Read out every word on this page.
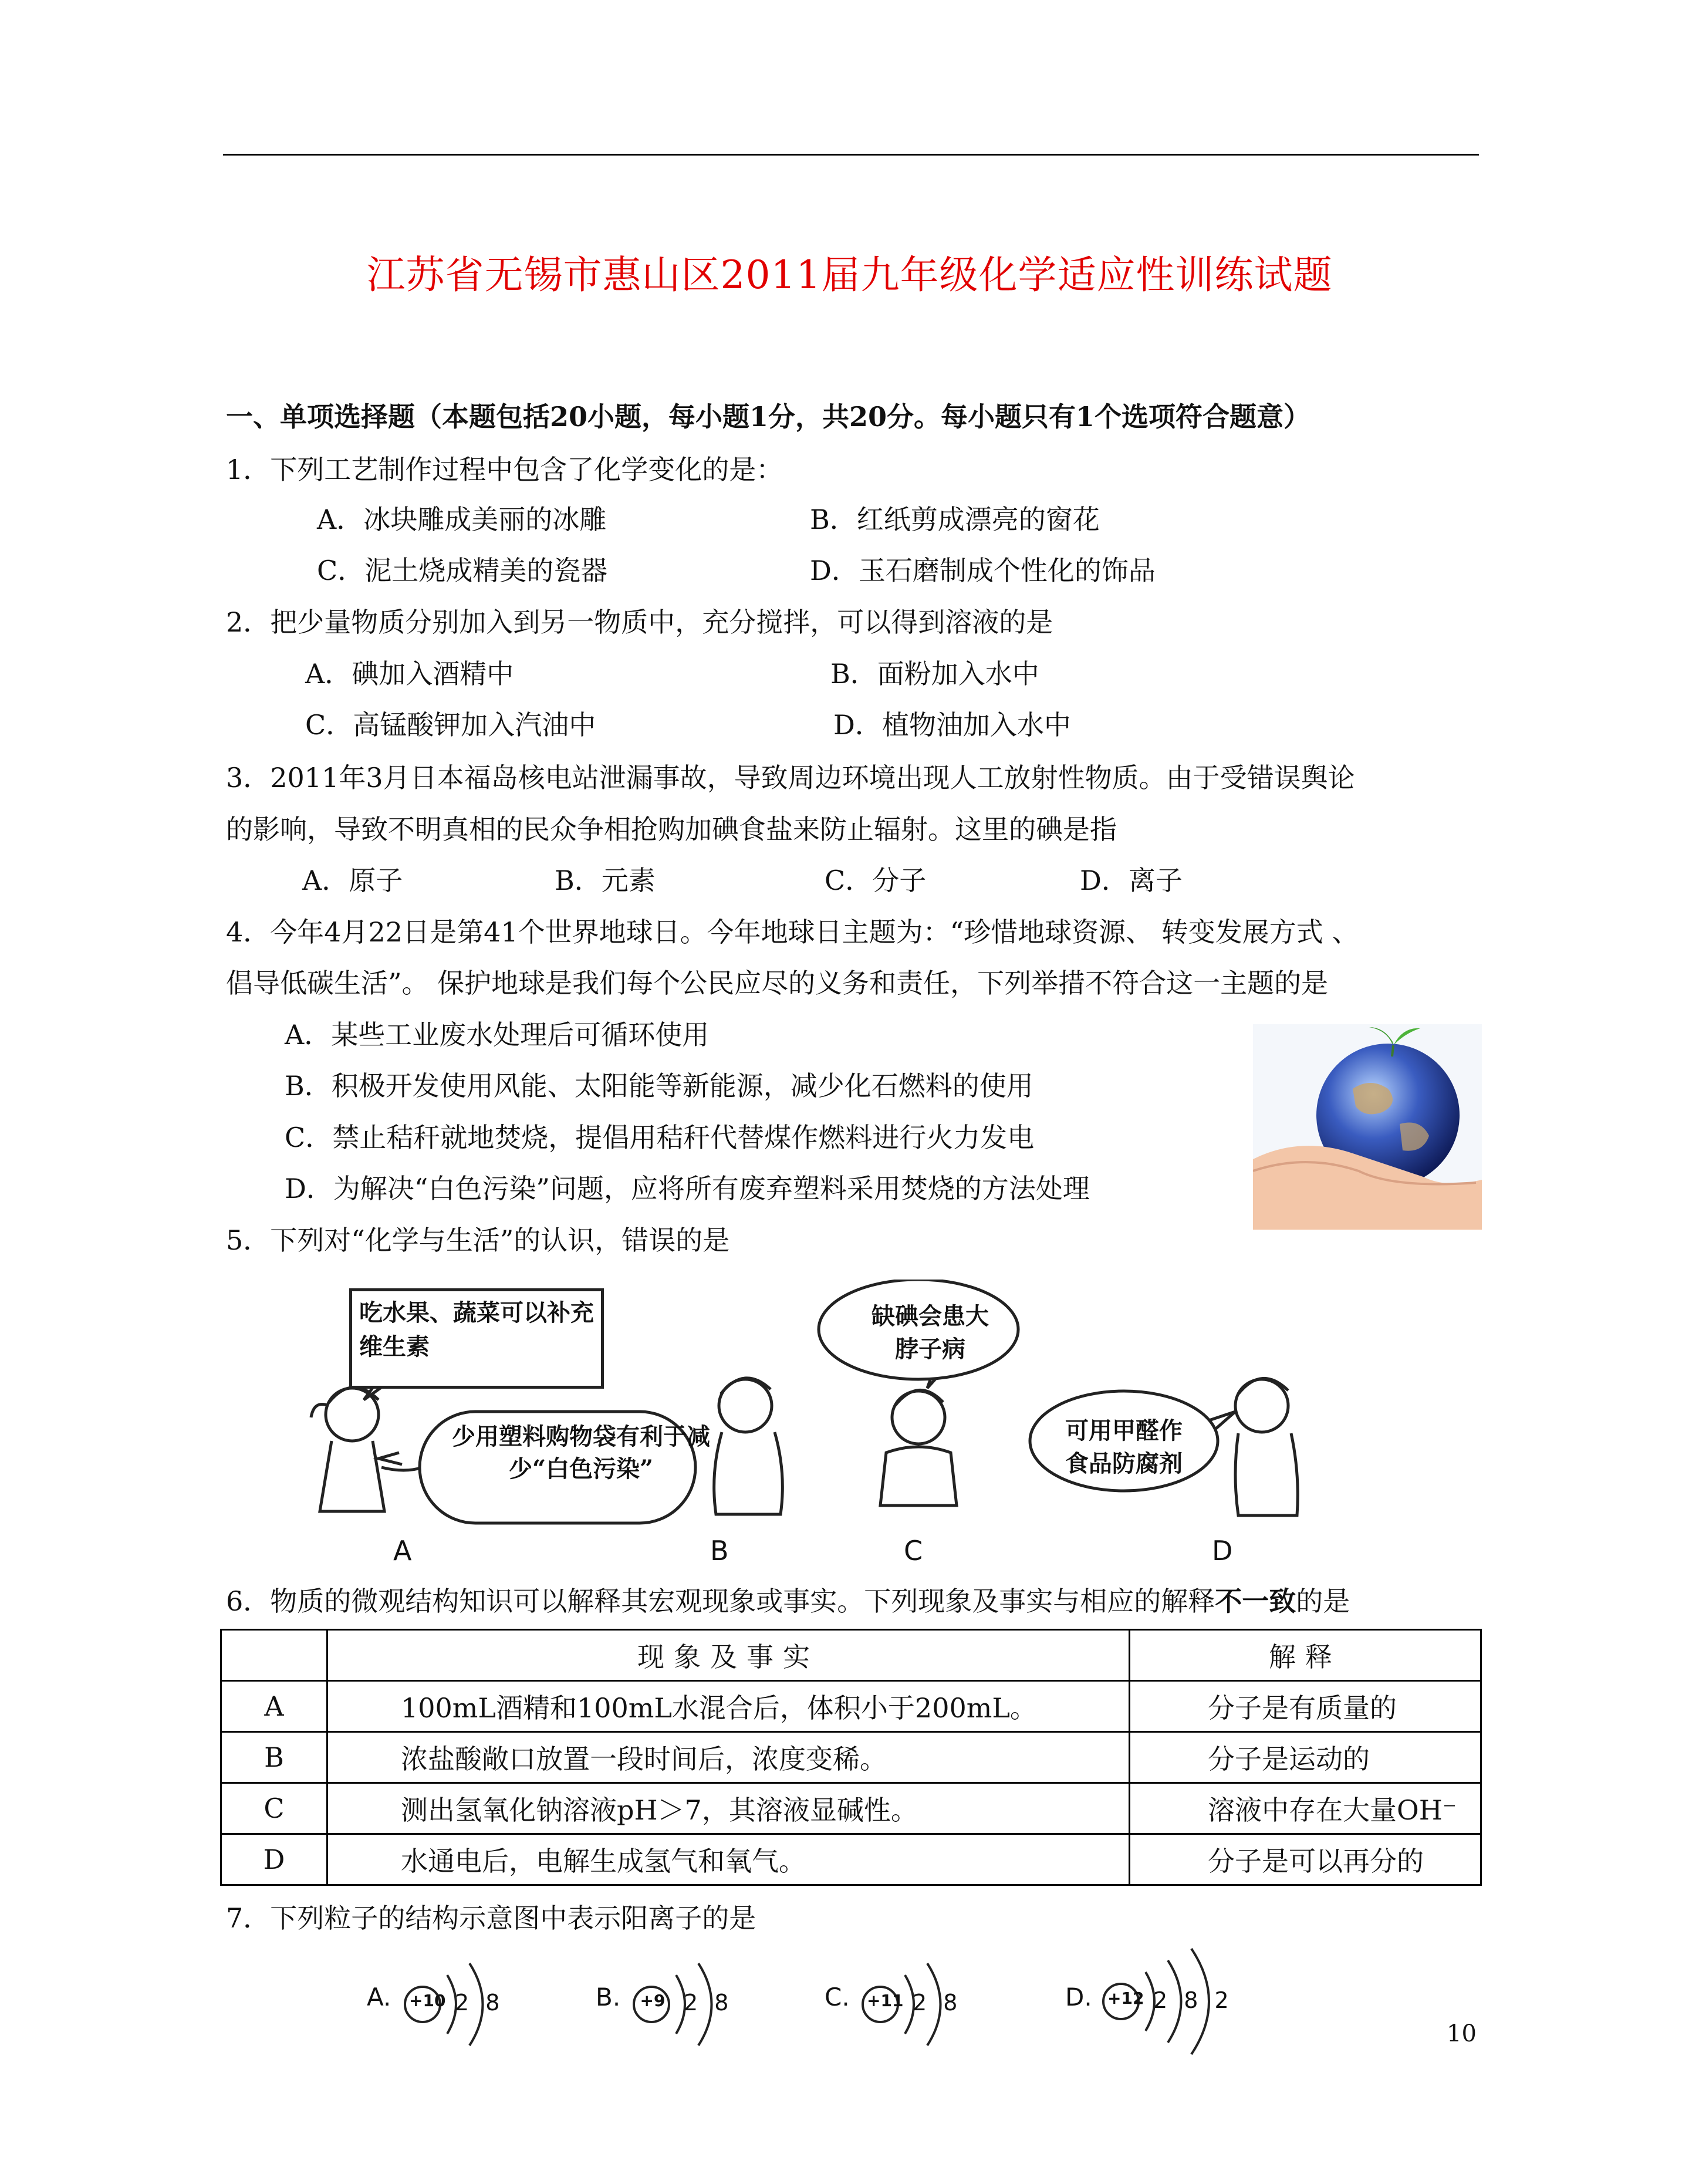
江苏省无锡市惠山区2011届九年级化学适应性训练试题
一、单项选择题（本题包括20小题，每小题1分，共20分。每小题只有1个选项符合题意）
1．下列工艺制作过程中包含了化学变化的是：
A．冰块雕成美丽的冰雕	B．红纸剪成漂亮的窗花
C．泥土烧成精美的瓷器	D．玉石磨制成个性化的饰品
2．把少量物质分别加入到另一物质中，充分搅拌，可以得到溶液的是
A．碘加入酒精中	B．面粉加入水中
C．高锰酸钾加入汽油中	D．植物油加入水中
3．2011年3月日本福岛核电站泄漏事故，导致周边环境出现人工放射性物质。由于受错误舆论
的影响，导致不明真相的民众争相抢购加碘食盐来防止辐射。这里的碘是指
A．原子	B．元素	C．分子	D．离子
4．今年4月22日是第41个世界地球日。今年地球日主题为：“珍惜地球资源、 转变发展方式 、
倡导低碳生活”。 保护地球是我们每个公民应尽的义务和责任，下列举措不符合这一主题的是
A．某些工业废水处理后可循环使用
B．积极开发使用风能、太阳能等新能源，减少化石燃料的使用
C．禁止秸秆就地焚烧，提倡用秸秆代替煤作燃料进行火力发电
D．为解决“白色污染”问题，应将所有废弃塑料采用焚烧的方法处理
5．下列对“化学与生活”的认识，错误的是
吃水果、蔬菜可以补充维生素
少用塑料购物袋有利于减少“白色污染”
缺碘会患大脖子病
可用甲醛作食品防腐剂
A	B	C	D
6．物质的微观结构知识可以解释其宏观现象或事实。下列现象及事实与相应的解释不一致的是
	现象及事实	解释
A	100mL酒精和100mL水混合后，体积小于200mL。	分子是有质量的
B	浓盐酸敞口放置一段时间后，浓度变稀。	分子是运动的
C	测出氢氧化钠溶液pH＞7，其溶液显碱性。	溶液中存在大量OH⁻
D	水通电后，电解生成氢气和氧气。	分子是可以再分的
7．下列粒子的结构示意图中表示阳离子的是
A. +10 2 8	B. +9 2 8	C. +11 2 8	D. +12 2 8 2
10
